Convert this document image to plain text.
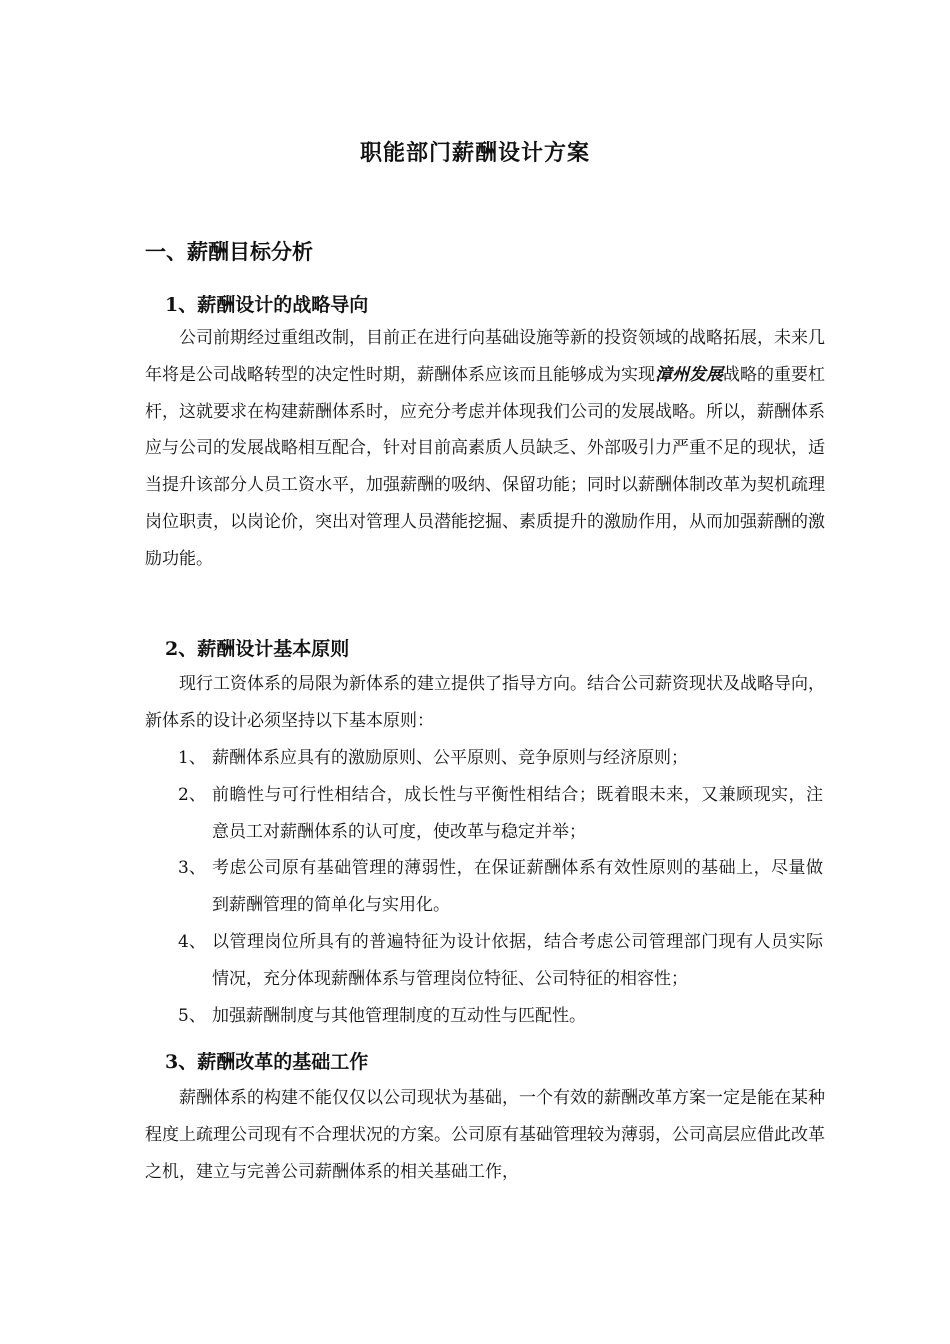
职能部门薪酬设计方案
一、薪酬目标分析
1、薪酬设计的战略导向

公司前期经过重组改制，目前正在进行向基础设施等新的投资领域的战略拓展，未来几年将是公司战略转型的决定性时期，薪酬体系应该而且能够成为实现漳州发展战略的重要杠杆，这就要求在构建薪酬体系时，应充分考虑并体现我们公司的发展战略。所以，薪酬体系应与公司的发展战略相互配合，针对目前高素质人员缺乏、外部吸引力严重不足的现状，适当提升该部分人员工资水平，加强薪酬的吸纳、保留功能；同时以薪酬体制改革为契机疏理岗位职责，以岗论价，突出对管理人员潜能挖掘、素质提升的激励作用，从而加强薪酬的激励功能。

2、薪酬设计基本原则

现行工资体系的局限为新体系的建立提供了指导方向。结合公司薪资现状及战略导向，新体系的设计必须坚持以下基本原则：

1、 薪酬体系应具有的激励原则、公平原则、竞争原则与经济原则；
2、 前瞻性与可行性相结合，成长性与平衡性相结合；既着眼未来，又兼顾现实，注意员工对薪酬体系的认可度，使改革与稳定并举；
3、 考虑公司原有基础管理的薄弱性，在保证薪酬体系有效性原则的基础上，尽量做到薪酬管理的简单化与实用化。
4、 以管理岗位所具有的普遍特征为设计依据，结合考虑公司管理部门现有人员实际情况，充分体现薪酬体系与管理岗位特征、公司特征的相容性；
5、 加强薪酬制度与其他管理制度的互动性与匹配性。
3、薪酬改革的基础工作

薪酬体系的构建不能仅仅以公司现状为基础，一个有效的薪酬改革方案一定是能在某种程度上疏理公司现有不合理状况的方案。公司原有基础管理较为薄弱，公司高层应借此改革之机，建立与完善公司薪酬体系的相关基础工作，
